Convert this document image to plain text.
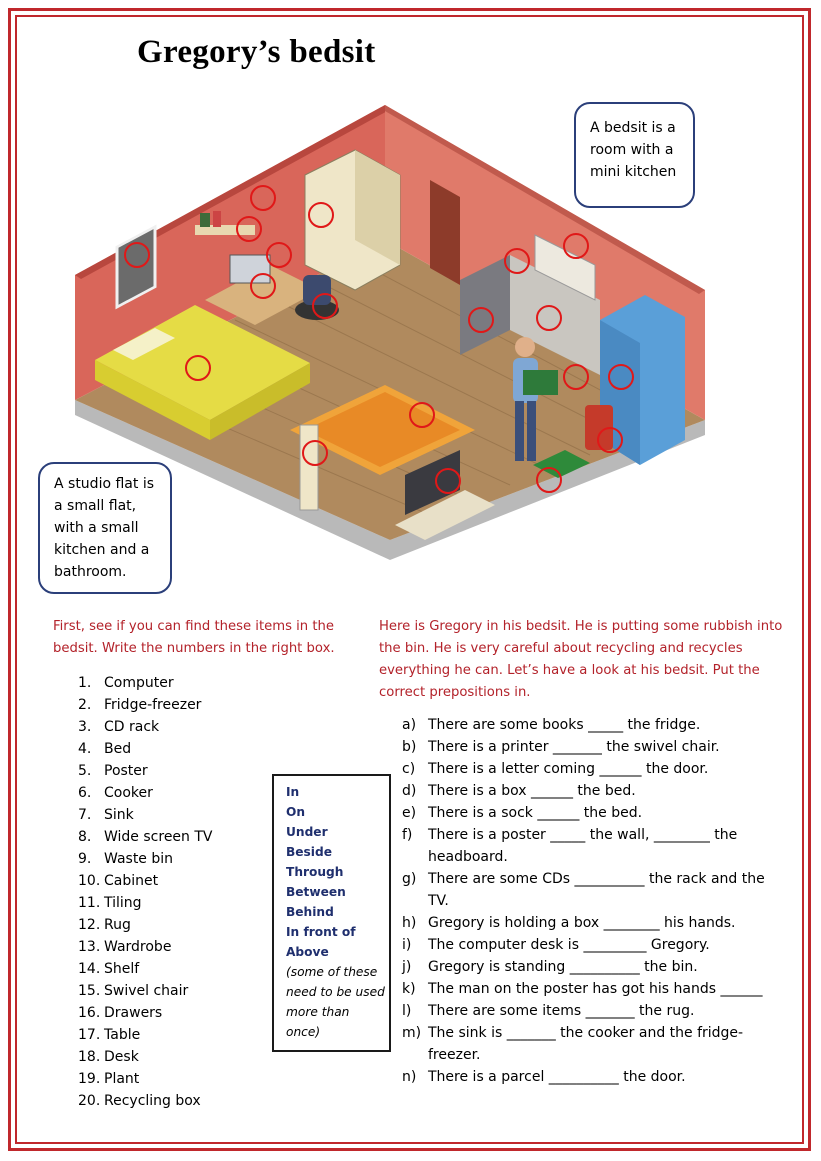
Gregory’s bedsit
A bedsit is a room with a mini kitchen
A studio flat is a small flat, with a small kitchen and a bathroom.
First, see if you can find these items in the bedsit. Write the numbers in the right box.
Here is Gregory in his bedsit. He is putting some rubbish into the bin. He is very careful about recycling and recycles everything he can. Let’s have a look at his bedsit. Put the correct prepositions in.
1. Computer
2. Fridge-freezer
3. CD rack
4. Bed
5. Poster
6. Cooker
7. Sink
8. Wide screen TV
9. Waste bin
10. Cabinet
11. Tiling
12. Rug
13. Wardrobe
14. Shelf
15. Swivel chair
16. Drawers
17. Table
18. Desk
19. Plant
20. Recycling box
In
On
Under
Beside
Through
Between
Behind
In front of
Above
(some of these need to be used more than once)
a) There are some books _____ the fridge.
b) There is a printer _______ the swivel chair.
c) There is a letter coming ______ the door.
d) There is a box ______ the bed.
e) There is a sock ______ the bed.
f)	There is a poster _____ the wall, ________ the headboard.
g) There are some CDs __________ the rack and the TV.
h) Gregory is holding a box ________ his hands.
i)	The computer desk is _________ Gregory.
j)	Gregory is standing __________ the bin.
k) The man on the poster has got his hands ______
l)	There are some items _______ the rug.
m) The sink is _______ the cooker and the fridge-freezer.
n) There is a parcel __________ the door.
